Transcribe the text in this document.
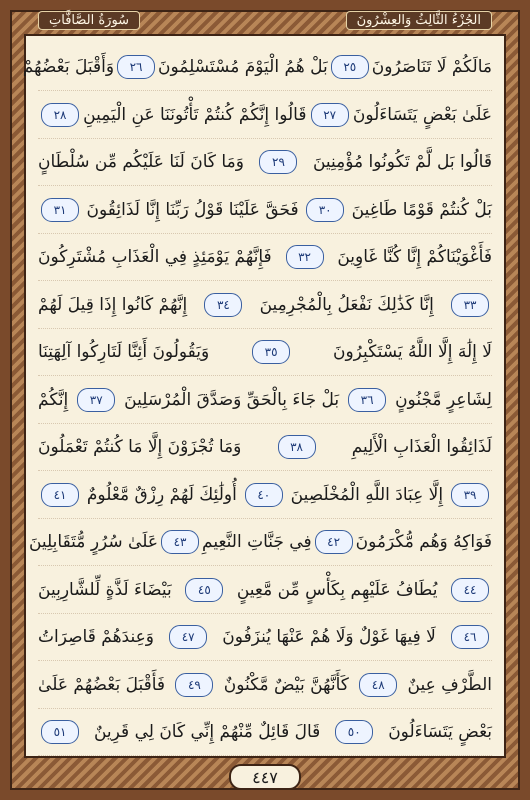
الجُزْءُ الثَّالِثُ وَالعِشْرُونَ
سُورَةُ الصَّافَّاتِ
مَالَكُمْ لَا تَنَاصَرُونَ
٢٥
بَلْ هُمُ الْيَوْمَ مُسْتَسْلِمُونَ
٢٦
وَأَقْبَلَ بَعْضُهُمْ
عَلَىٰ بَعْضٍ يَتَسَاءَلُونَ
٢٧
قَالُوا إِنَّكُمْ كُنتُمْ تَأْتُونَنَا عَنِ الْيَمِينِ
٢٨
قَالُوا بَل لَّمْ تَكُونُوا مُؤْمِنِينَ
٢٩
وَمَا كَانَ لَنَا عَلَيْكُم مِّن سُلْطَانٍ
بَلْ كُنتُمْ قَوْمًا طَاغِينَ
٣٠
فَحَقَّ عَلَيْنَا قَوْلُ رَبِّنَا إِنَّا لَذَائِقُونَ
٣١
فَأَغْوَيْنَاكُمْ إِنَّا كُنَّا غَاوِينَ
٣٢
فَإِنَّهُمْ يَوْمَئِذٍ فِي الْعَذَابِ مُشْتَرِكُونَ
٣٣
إِنَّا كَذَٰلِكَ نَفْعَلُ بِالْمُجْرِمِينَ
٣٤
إِنَّهُمْ كَانُوا إِذَا قِيلَ لَهُمْ
لَا إِلَٰهَ إِلَّا اللَّهُ يَسْتَكْبِرُونَ
٣٥
وَيَقُولُونَ أَئِنَّا لَتَارِكُوا آلِهَتِنَا
لِشَاعِرٍ مَّجْنُونٍ
٣٦
بَلْ جَاءَ بِالْحَقِّ وَصَدَّقَ الْمُرْسَلِينَ
٣٧
إِنَّكُمْ
لَذَائِقُوا الْعَذَابِ الْأَلِيمِ
٣٨
وَمَا تُجْزَوْنَ إِلَّا مَا كُنتُمْ تَعْمَلُونَ
٣٩
إِلَّا عِبَادَ اللَّهِ الْمُخْلَصِينَ
٤٠
أُولَٰئِكَ لَهُمْ رِزْقٌ مَّعْلُومٌ
٤١
فَوَاكِهُ وَهُم مُّكْرَمُونَ
٤٢
فِي جَنَّاتِ النَّعِيمِ
٤٣
عَلَىٰ سُرُرٍ مُّتَقَابِلِينَ
٤٤
يُطَافُ عَلَيْهِم بِكَأْسٍ مِّن مَّعِينٍ
٤٥
بَيْضَاءَ لَذَّةٍ لِّلشَّارِبِينَ
٤٦
لَا فِيهَا غَوْلٌ وَلَا هُمْ عَنْهَا يُنزَفُونَ
٤٧
وَعِندَهُمْ قَاصِرَاتُ
الطَّرْفِ عِينٌ
٤٨
كَأَنَّهُنَّ بَيْضٌ مَّكْنُونٌ
٤٩
فَأَقْبَلَ بَعْضُهُمْ عَلَىٰ
بَعْضٍ يَتَسَاءَلُونَ
٥٠
قَالَ قَائِلٌ مِّنْهُمْ إِنِّي كَانَ لِي قَرِينٌ
٥١
٤٤٧
